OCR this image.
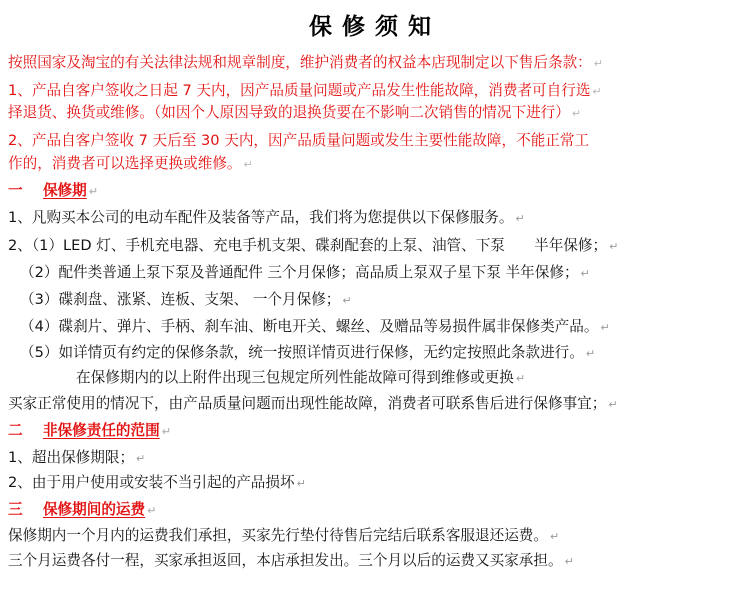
保修须知
按照国家及淘宝的有关法律法规和规章制度，维护消费者的权益本店现制定以下售后条款： ↵
1、产品自客户签收之日起 7 天内，因产品质量问题或产品发生性能故障，消费者可自行选 ↵
择退货、换货或维修。（如因个人原因导致的退换货要在不影响二次销售的情况下进行） ↵
2、产品自客户签收 7 天后至 30 天内，因产品质量问题或发生主要性能故障，不能正常工
作的，消费者可以选择更换或维修。 ↵
一 保修期 ↵
1、凡购买本公司的电动车配件及装备等产品，我们将为您提供以下保修服务。 ↵
2、（1）LED 灯、手机充电器、充电手机支架、碟刹配套的上泵、油管、下泵　　半年保修； ↵
（2）配件类普通上泵下泵及普通配件 三个月保修；高品质上泵双子星下泵 半年保修； ↵
（3）碟刹盘、涨紧、连板、支架、 一个月保修； ↵
（4）碟刹片、弹片、手柄、刹车油、断电开关、螺丝、及赠品等易损件属非保修类产品。 ↵
（5）如详情页有约定的保修条款，统一按照详情页进行保修，无约定按照此条款进行。 ↵
在保修期内的以上附件出现三包规定所列性能故障可得到维修或更换 ↵
买家正常使用的情况下，由产品质量问题而出现性能故障，消费者可联系售后进行保修事宜； ↵
二 非保修责任的范围 ↵
1、超出保修期限； ↵
2、由于用户使用或安装不当引起的产品损坏 ↵
三 保修期间的运费 ↵
保修期内一个月内的运费我们承担，买家先行垫付待售后完结后联系客服退还运费。 ↵
三个月运费各付一程，买家承担返回，本店承担发出。三个月以后的运费又买家承担。 ↵
